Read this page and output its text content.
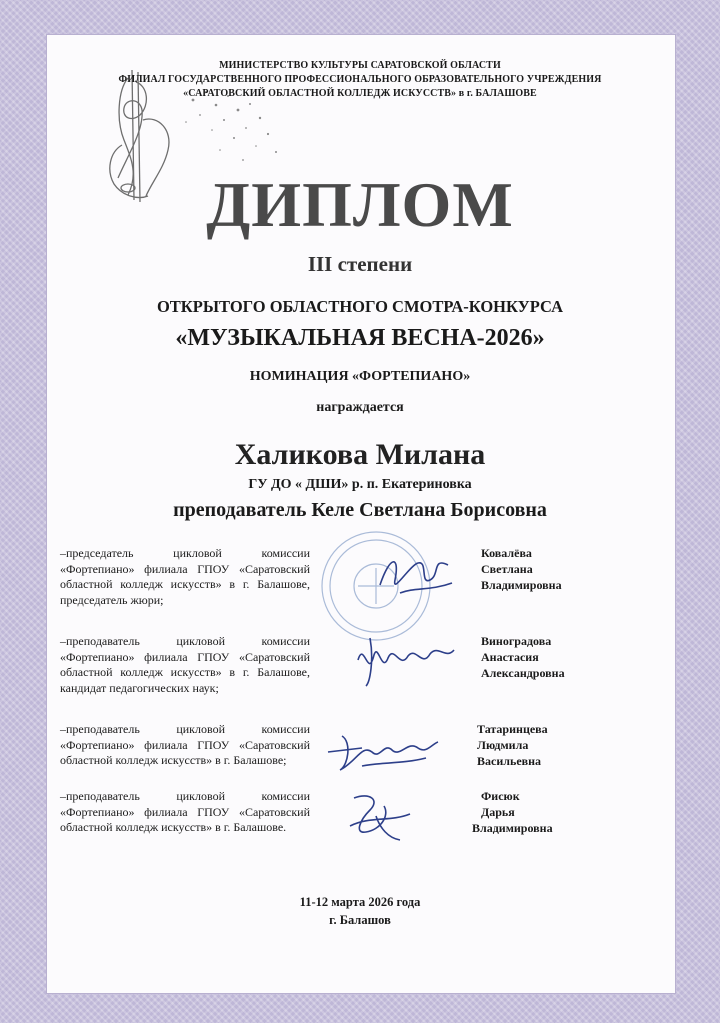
МИНИСТЕРСТВО КУЛЬТУРЫ САРАТОВСКОЙ ОБЛАСТИ
ФИЛИАЛ ГОСУДАРСТВЕННОГО ПРОФЕССИОНАЛЬНОГО ОБРАЗОВАТЕЛЬНОГО УЧРЕЖДЕНИЯ
«САРАТОВСКИЙ ОБЛАСТНОЙ КОЛЛЕДЖ ИСКУССТВ» в г. БАЛАШОВЕ
ДИПЛОМ
III степени
ОТКРЫТОГО ОБЛАСТНОГО СМОТРА-КОНКУРСА
«МУЗЫКАЛЬНАЯ ВЕСНА-2026»
НОМИНАЦИЯ «ФОРТЕПИАНО»
награждается
Халикова Милана
ГУ ДО « ДШИ» р. п. Екатериновка
преподаватель Келе Светлана Борисовна
–председатель цикловой комиссии «Фортепиано» филиала ГПОУ «Саратовский областной колледж искусств» в г. Балашове, председатель жюри;
Ковалёва
Светлана
Владимировна
–преподаватель цикловой комиссии «Фортепиано» филиала ГПОУ «Саратовский областной колледж искусств» в г. Балашове, кандидат педагогических наук;
Виноградова
Анастасия
Александровна
–преподаватель цикловой комиссии «Фортепиано» филиала ГПОУ «Саратовский областной колледж искусств» в г. Балашове;
Татаринцева
Людмила
Васильевна
–преподаватель цикловой комиссии «Фортепиано» филиала ГПОУ «Саратовский областной колледж искусств» в г. Балашове.
Фисюк
Дарья
Владимировна
11-12 марта 2026 года
г. Балашов
